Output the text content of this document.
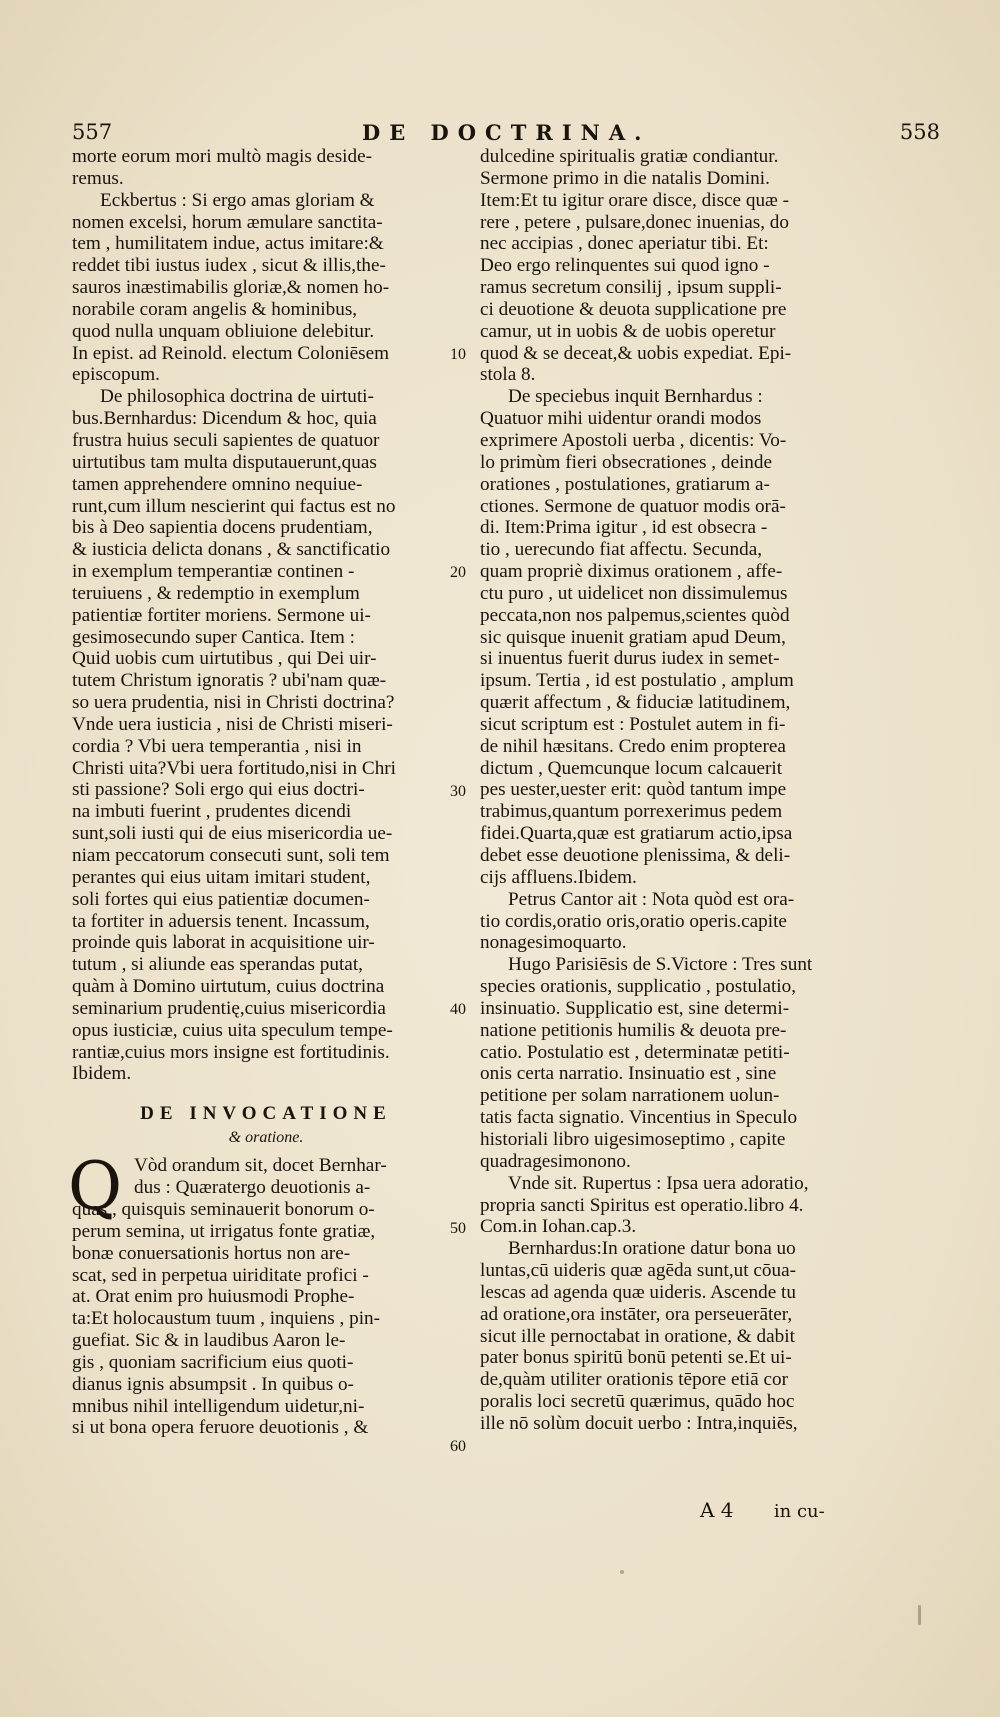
557	DE DOCTRINA.	558
morte eorum mori multò magis deside-
remus.
Eckbertus : Si ergo amas gloriam &
nomen excelsi, horum æmulare sanctita-
tem , humilitatem indue, actus imitare:&
reddet tibi iustus iudex , sicut & illis,the-
sauros inæstimabilis gloriæ,& nomen ho-
norabile coram angelis & hominibus,
quod nulla unquam obliuione delebitur.
In epist. ad Reinold. electum Coloniēsem
episcopum.
De philosophica doctrina de uirtuti-
bus.Bernhardus: Dicendum & hoc, quia
frustra huius seculi sapientes de quatuor
uirtutibus tam multa disputauerunt,quas
tamen apprehendere omnino nequiue-
runt,cum illum nescierint qui factus est no
bis à Deo sapientia docens prudentiam,
& iusticia delicta donans , & sanctificatio
in exemplum temperantiæ continen -
teruiuens , & redemptio in exemplum
patientiæ fortiter moriens. Sermone ui-
gesimosecundo super Cantica. Item :
Quid uobis cum uirtutibus , qui Dei uir-
tutem Christum ignoratis ? ubi'nam quæ-
so uera prudentia, nisi in Christi doctrina?
Vnde uera iusticia , nisi de Christi miseri-
cordia ? Vbi uera temperantia , nisi in
Christi uita?Vbi uera fortitudo,nisi in Chri
sti passione? Soli ergo qui eius doctri-
na imbuti fuerint , prudentes dicendi
sunt,soli iusti qui de eius misericordia ue-
niam peccatorum consecuti sunt, soli tem
perantes qui eius uitam imitari student,
soli fortes qui eius patientiæ documen-
ta fortiter in aduersis tenent. Incassum,
proinde quis laborat in acquisitione uir-
tutum , si aliunde eas sperandas putat,
quàm à Domino uirtutum, cuius doctrina
seminarium prudentię,cuius misericordia
opus iusticiæ, cuius uita speculum tempe-
rantiæ,cuius mors insigne est fortitudinis.
Ibidem.
DE INVOCATIONE
& oratione.
Q Vòd orandum sit, docet Bernhar-
dus : Quæratergo deuotionis a-
quas , quisquis seminauerit bonorum o-
perum semina, ut irrigatus fonte gratiæ,
bonæ conuersationis hortus non are-
scat, sed in perpetua uiriditate profici -
at. Orat enim pro huiusmodi Prophe-
ta:Et holocaustum tuum , inquiens , pin-
guefiat. Sic & in laudibus Aaron le-
gis , quoniam sacrificium eius quoti-
dianus ignis absumpsit . In quibus o-
mnibus nihil intelligendum uidetur,ni-
si ut bona opera feruore deuotionis , &
dulcedine spiritualis gratiæ condiantur.
Sermone primo in die natalis Domini.
Item:Et tu igitur orare disce, disce quæ -
rere , petere , pulsare,donec inuenias, do
nec accipias , donec aperiatur tibi. Et:
Deo ergo relinquentes sui quod igno -
ramus secretum consilij , ipsum suppli-
ci deuotione & deuota supplicatione pre
camur, ut in uobis & de uobis operetur
quod & se deceat,& uobis expediat. Epi-
stola 8.
De speciebus inquit Bernhardus :
Quatuor mihi uidentur orandi modos
exprimere Apostoli uerba , dicentis: Vo-
lo primùm fieri obsecrationes , deinde
orationes , postulationes, gratiarum a-
ctiones. Sermone de quatuor modis orā-
di. Item:Prima igitur , id est obsecra -
tio , uerecundo fiat affectu. Secunda,
quam propriè diximus orationem , affe-
ctu puro , ut uidelicet non dissimulemus
peccata,non nos palpemus,scientes quòd
sic quisque inuenit gratiam apud Deum,
si inuentus fuerit durus iudex in semet-
ipsum. Tertia , id est postulatio , amplum
quærit affectum , & fiduciæ latitudinem,
sicut scriptum est : Postulet autem in fi-
de nihil hæsitans. Credo enim propterea
dictum , Quemcunque locum calcauerit
pes uester,uester erit: quòd tantum impe
trabimus,quantum porrexerimus pedem
fidei.Quarta,quæ est gratiarum actio,ipsa
debet esse deuotione plenissima, & deli-
cijs affluens.Ibidem.
Petrus Cantor ait : Nota quòd est ora-
tio cordis,oratio oris,oratio operis.capite
nonagesimoquarto.
Hugo Parisiēsis de S.Victore : Tres sunt
species orationis, supplicatio , postulatio,
insinuatio. Supplicatio est, sine determi-
natione petitionis humilis & deuota pre-
catio. Postulatio est , determinatæ petiti-
onis certa narratio. Insinuatio est , sine
petitione per solam narrationem uolun-
tatis facta signatio. Vincentius in Speculo
historiali libro uigesimoseptimo , capite
quadragesimonono.
Vnde sit. Rupertus : Ipsa uera adoratio,
propria sancti Spiritus est operatio.libro 4.
Com.in Iohan.cap.3.
Bernhardus:In oratione datur bona uo
luntas,cū uideris quæ agēda sunt,ut cōua-
lescas ad agenda quæ uideris. Ascende tu
ad oratione,ora instāter, ora perseuerāter,
sicut ille pernoctabat in oratione, & dabit
pater bonus spiritū bonū petenti se.Et ui-
de,quàm utiliter orationis tēpore etiā cor
poralis loci secretū quærimus, quādo hoc
ille nō solùm docuit uerbo : Intra,inquiēs,
10
20
30
40
50
60
A 4 in cu-
